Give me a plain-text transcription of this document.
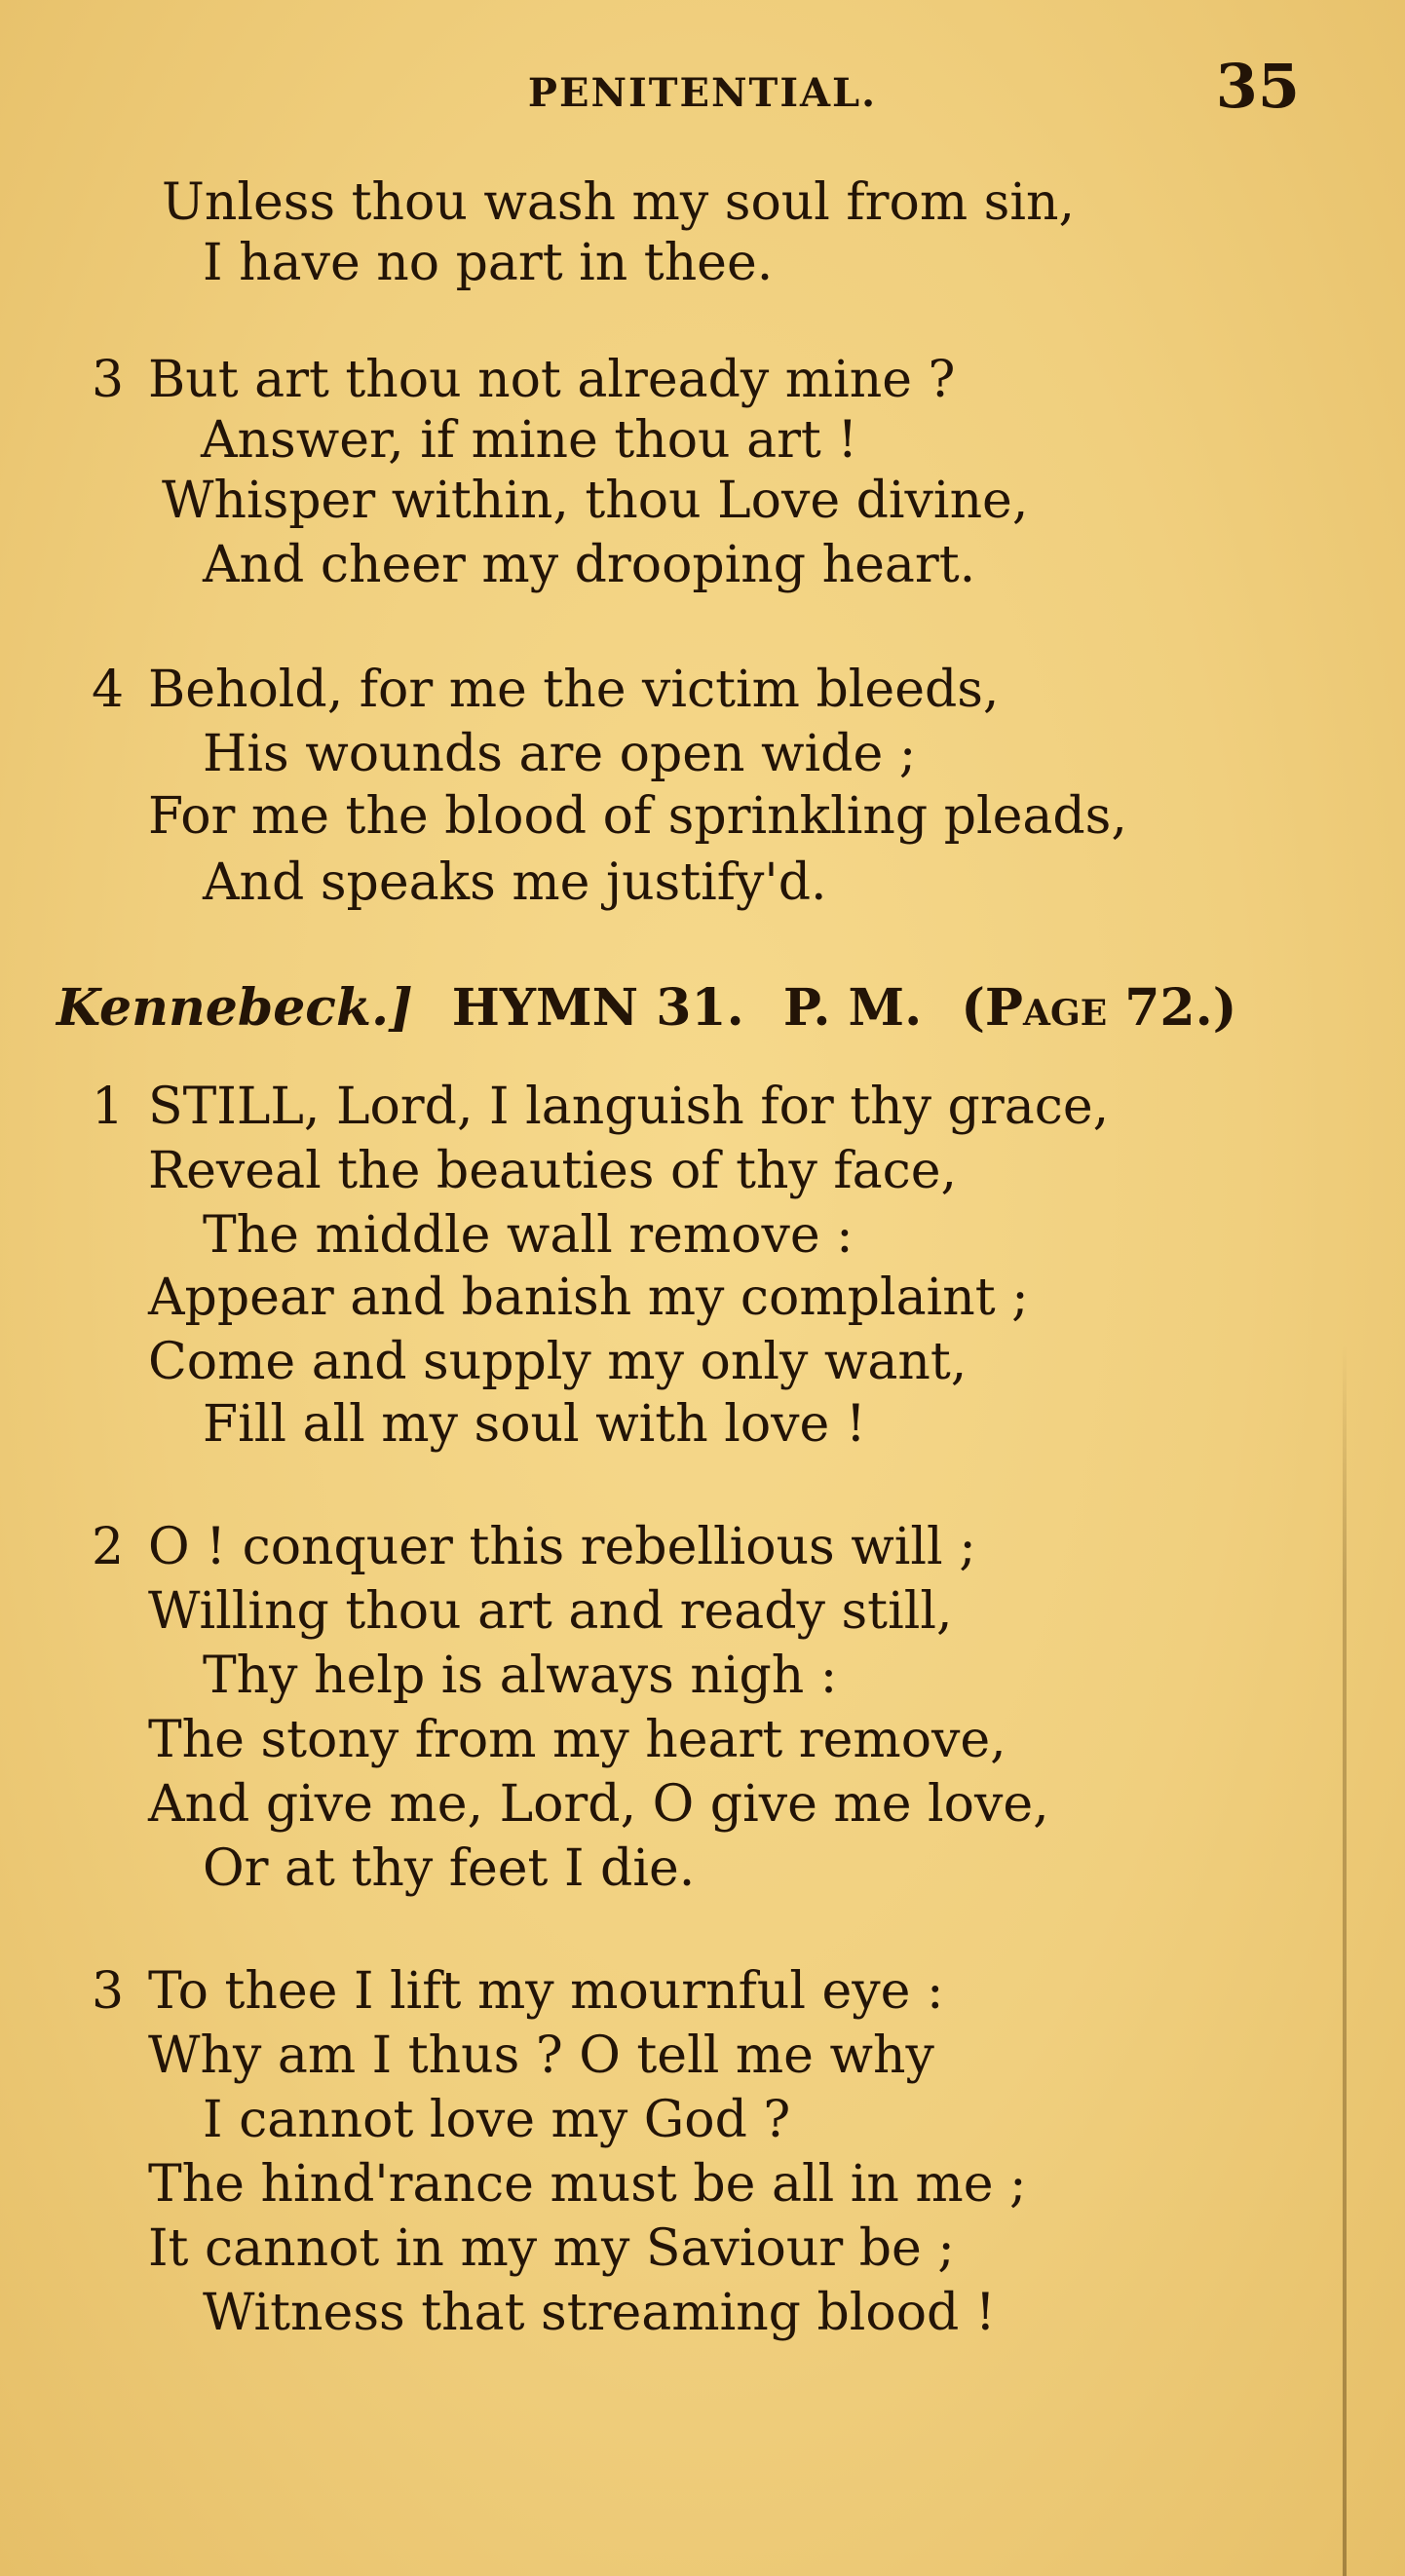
PENITENTIAL.	35
Unless thou wash my soul from sin,
I have no part in thee.
3 But art thou not already mine ?
Answer, if mine thou art !
Whisper within, thou Love divine,
And cheer my drooping heart.
4 Behold, for me the victim bleeds,
His wounds are open wide ;
For me the blood of sprinkling pleads,
And speaks me justify'd.
Kennebeck.] HYMN 31. P. M. (Page 72.)
1 STILL, Lord, I languish for thy grace,
Reveal the beauties of thy face,
The middle wall remove :
Appear and banish my complaint ;
Come and supply my only want,
Fill all my soul with love !
2 O ! conquer this rebellious will ;
Willing thou art and ready still,
Thy help is always nigh :
The stony from my heart remove,
And give me, Lord, O give me love,
Or at thy feet I die.
3 To thee I lift my mournful eye :
Why am I thus ? O tell me why
I cannot love my God ?
The hind'rance must be all in me ;
It cannot in my my Saviour be ;
Witness that streaming blood !
